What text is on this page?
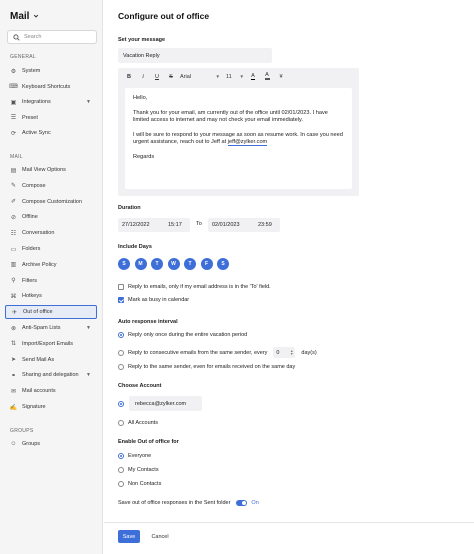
Mail
Search
GENERAL
⚙ System
⌨ Keyboard Shortcuts
▣ Integrations	▼
☰ Preset
⟳ Active Sync
MAIL
▤ Mail View Options
✎ Compose
✐ Compose Customization
⊘ Offline
☷ Conversation
▭ Folders
▥ Archive Policy
⚲ Filters
⌘ Hotkeys
✈ Out of office
⊗ Anti-Spam Lists	▼
⇅ Import/Export Emails
➤ Send Mail As
⚭ Sharing and delegation ▼
✉ Mail accounts
✍ Signature
GROUPS
☺ Groups
Configure out of office
Set your message
Vacation Reply
B	I	U	S	Arial	▼ 11 ▼ A A ¥

Hello,

Thank you for your email, am currently out of the office until 02/01/2023. I have limited access to internet and may not check your email immediately.

I will be sure to respond to your message as soon as resume work. In case you need urgent assistance, reach out to Jeff at jeff@zylker.com

Regards

Duration
27/12/2022	15:17	To 02/01/2023	23:59
Include Days
S	M	T	W	T	F	S
Reply to emails, only if my email address is in the 'To' field.
Mark as busy in calendar
Auto response interval
Reply only once during the entire vacation period
Reply to consecutive emails from the same sender, every 0	▲
▼ day(s)
Reply to the same sender, even for emails received on the same day
Choose Account
rebecca@zylker.com
All Accounts
Enable Out of office for
Everyone
My Contacts
Non Contacts
Save out of office responses in the Sent folder	On
Save	Cancel
